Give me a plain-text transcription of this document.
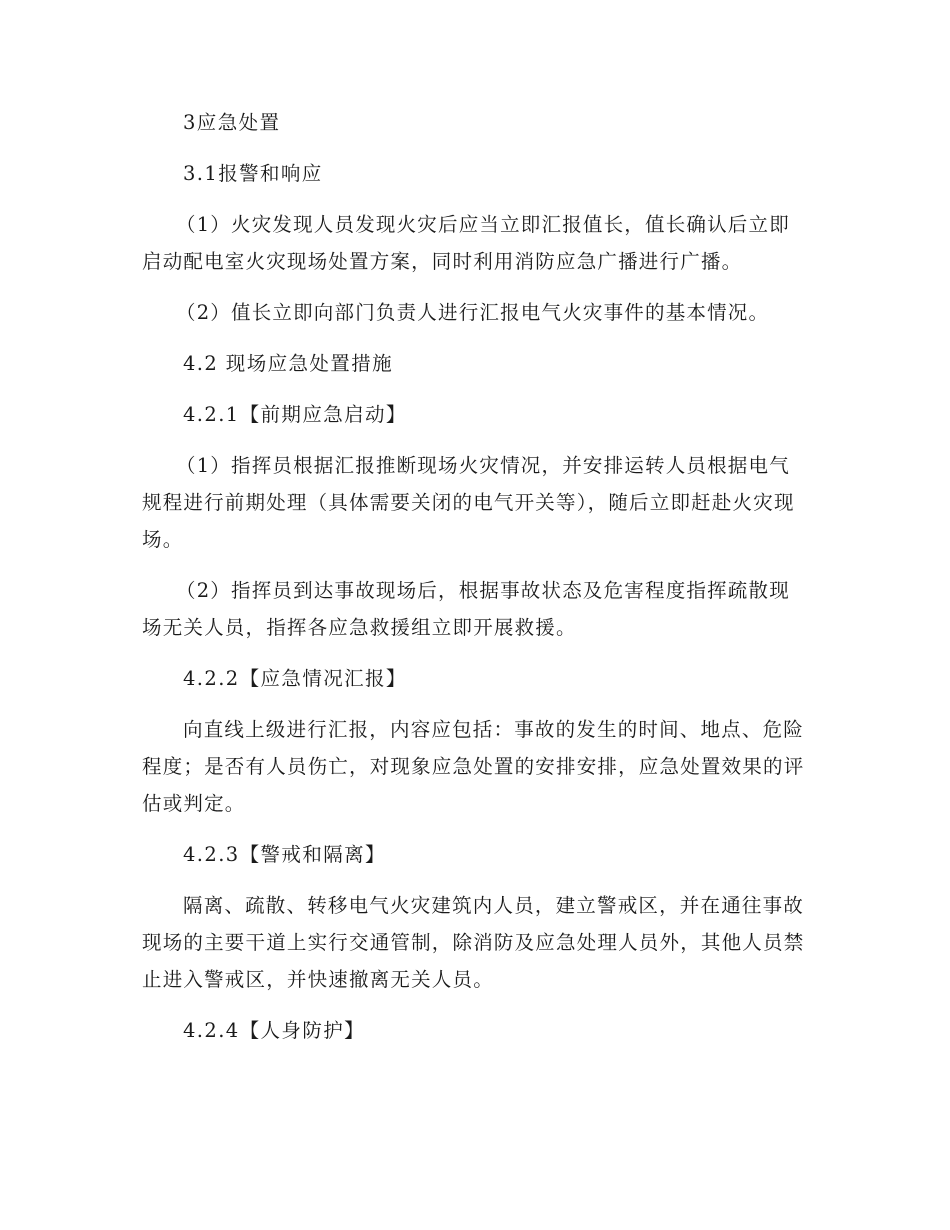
3应急处置

3.1报警和响应

（1）火灾发现人员发现火灾后应当立即汇报值长，值长确认后立即启动配电室火灾现场处置方案，同时利用消防应急广播进行广播。

（2）值长立即向部门负责人进行汇报电气火灾事件的基本情况。

4.2 现场应急处置措施

4.2.1【前期应急启动】

（1）指挥员根据汇报推断现场火灾情况，并安排运转人员根据电气规程进行前期处理（具体需要关闭的电气开关等），随后立即赶赴火灾现场。

（2）指挥员到达事故现场后，根据事故状态及危害程度指挥疏散现场无关人员，指挥各应急救援组立即开展救援。

4.2.2【应急情况汇报】

向直线上级进行汇报，内容应包括：事故的发生的时间、地点、危险程度；是否有人员伤亡，对现象应急处置的安排安排，应急处置效果的评估或判定。

4.2.3【警戒和隔离】

隔离、疏散、转移电气火灾建筑内人员，建立警戒区，并在通往事故现场的主要干道上实行交通管制，除消防及应急处理人员外，其他人员禁止进入警戒区，并快速撤离无关人员。

4.2.4【人身防护】
